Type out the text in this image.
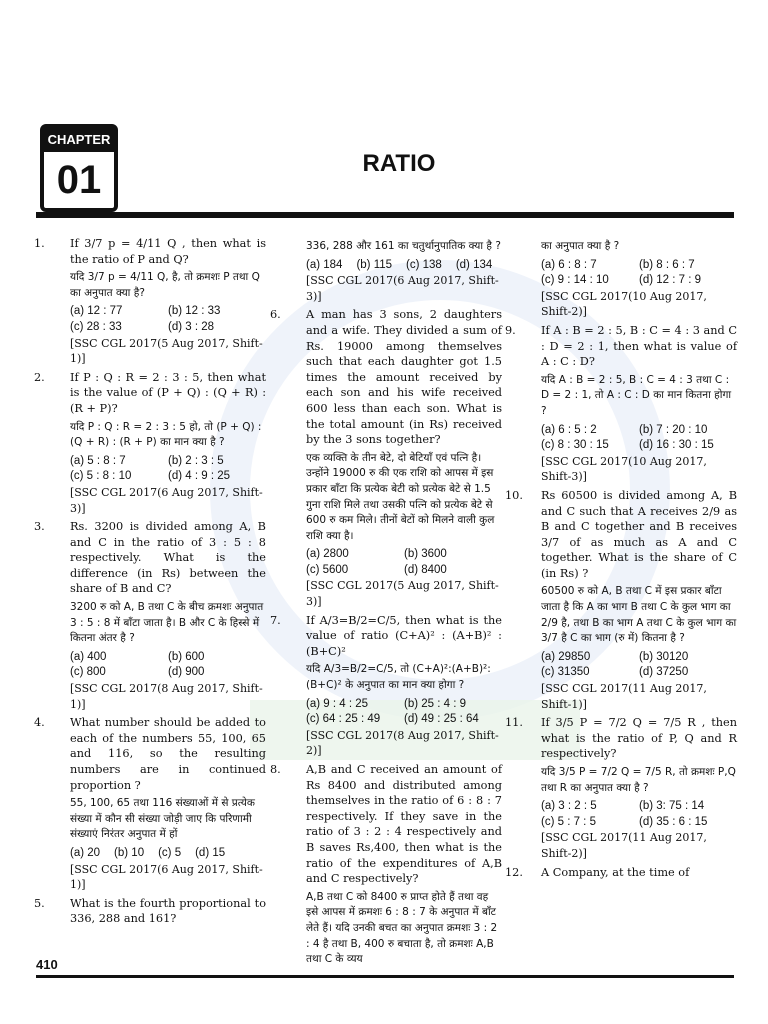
CHAPTER
01	RATIO
1. If 3/7 p = 4/11 Q , then what is the ratio of P and Q?
यदि 3/7 p = 4/11 Q, है, तो क्रमशः P तथा Q का अनुपात क्या है?
(a) 12 : 77	(b) 12 : 33
(c) 28 : 33	(d) 3 : 28
[SSC CGL 2017(5 Aug 2017, Shift-1)]
2. If P : Q : R = 2 : 3 : 5, then what is the value of (P + Q) : (Q + R) : (R + P)?
यदि P : Q : R = 2 : 3 : 5 हो, तो (P + Q) : (Q + R) : (R + P) का मान क्या है ?
(a) 5 : 8 : 7	(b) 2 : 3 : 5
(c) 5 : 8 : 10	(d) 4 : 9 : 25
[SSC CGL 2017(6 Aug 2017, Shift-3)]
3. Rs. 3200 is divided among A, B and C in the ratio of 3 : 5 : 8 respectively. What is the difference (in Rs) between the share of B and C?
3200 रु को A, B तथा C के बीच क्रमशः अनुपात 3 : 5 : 8 में बाँटा जाता है। B और C के हिस्से में कितना अंतर है ?
(a) 400	(b) 600
(c) 800	(d) 900
[SSC CGL 2017(8 Aug 2017, Shift-1)]
4. What number should be added to each of the numbers 55, 100, 65 and 116, so the resulting numbers are in continued proportion ?
55, 100, 65 तथा 116 संख्याओं में से प्रत्येक संख्या में कौन सी संख्या जोड़ी जाए कि परिणामी संख्याएं निरंतर अनुपात में हों
(a) 20 (b) 10 (c) 5 (d) 15
[SSC CGL 2017(6 Aug 2017, Shift-1)]
5. What is the fourth proportional to 336, 288 and 161?
336, 288 और 161 का चतुर्थानुपातिक क्या है ?
(a) 184 (b) 115 (c) 138 (d) 134
[SSC CGL 2017(6 Aug 2017, Shift-3)]
6. A man has 3 sons, 2 daughters and a wife. They divided a sum of Rs. 19000 among themselves such that each daughter got 1.5 times the amount received by each son and his wife received 600 less than each son. What is the total amount (in Rs) received by the 3 sons together?
एक व्यक्ति के तीन बेटे, दो बेटियाँ एवं पत्नि है। उन्होंने 19000 रु की एक राशि को आपस में इस प्रकार बाँटा कि प्रत्येक बेटी को प्रत्येक बेटे से 1.5 गुना राशि मिले तथा उसकी पत्नि को प्रत्येक बेटे से 600 रु कम मिले। तीनों बेटों को मिलने वाली कुल राशि क्या है।
(a) 2800	(b) 3600
(c) 5600	(d) 8400
[SSC CGL 2017(5 Aug 2017, Shift-3)]
7. If A/3=B/2=C/5, then what is the value of ratio (C+A)² : (A+B)² : (B+C)²
यदि A/3=B/2=C/5, तो (C+A)²:(A+B)²:(B+C)² के अनुपात का मान क्या होगा ?
(a) 9 : 4 : 25	(b) 25 : 4 : 9
(c) 64 : 25 : 49	(d) 49 : 25 : 64
[SSC CGL 2017(8 Aug 2017, Shift-2)]
8. A,B and C received an amount of Rs 8400 and distributed among themselves in the ratio of 6 : 8 : 7 respectively. If they save in the ratio of 3 : 2 : 4 respectively and B saves Rs,400, then what is the ratio of the expenditures of A,B and C respectively?
A,B तथा C को 8400 रु प्राप्त होते हैं तथा वह इसे आपस में क्रमशः 6 : 8 : 7 के अनुपात में बाँट लेते हैं। यदि उनकी बचत का अनुपात क्रमशः 3 : 2 : 4 है तथा B, 400 रु बचाता है, तो क्रमशः A,B तथा C के व्यय
का अनुपात क्या है ?
(a) 6 : 8 : 7	(b) 8 : 6 : 7
(c) 9 : 14 : 10	(d) 12 : 7 : 9
[SSC CGL 2017(10 Aug 2017, Shift-2)]
9. If A : B = 2 : 5, B : C = 4 : 3 and C : D = 2 : 1, then what is value of A : C : D?
यदि A : B = 2 : 5, B : C = 4 : 3 तथा C : D = 2 : 1, तो A : C : D का मान कितना होगा ?
(a) 6 : 5 : 2	(b) 7 : 20 : 10
(c) 8 : 30 : 15	(d) 16 : 30 : 15
[SSC CGL 2017(10 Aug 2017, Shift-3)]
10. Rs 60500 is divided among A, B and C such that A receives 2/9 as B and C together and B receives 3/7 of as much as A and C together. What is the share of C (in Rs) ?
60500 रु को A, B तथा C में इस प्रकार बाँटा जाता है कि A का भाग B तथा C के कुल भाग का 2/9 है, तथा B का भाग A तथा C के कुल भाग का 3/7 है C का भाग (रु में) कितना है ?
(a) 29850	(b) 30120
(c) 31350	(d) 37250
[SSC CGL 2017(11 Aug 2017, Shift-1)]
11. If 3/5 P = 7/2 Q = 7/5 R , then what is the ratio of P, Q and R respectively?
यदि 3/5 P = 7/2 Q = 7/5 R, तो क्रमशः P,Q तथा R का अनुपात क्या है ?
(a) 3 : 2 : 5	(b) 3: 75 : 14
(c) 5 : 7 : 5	(d) 35 : 6 : 15
[SSC CGL 2017(11 Aug 2017, Shift-2)]
12. A Company, at the time of
410
